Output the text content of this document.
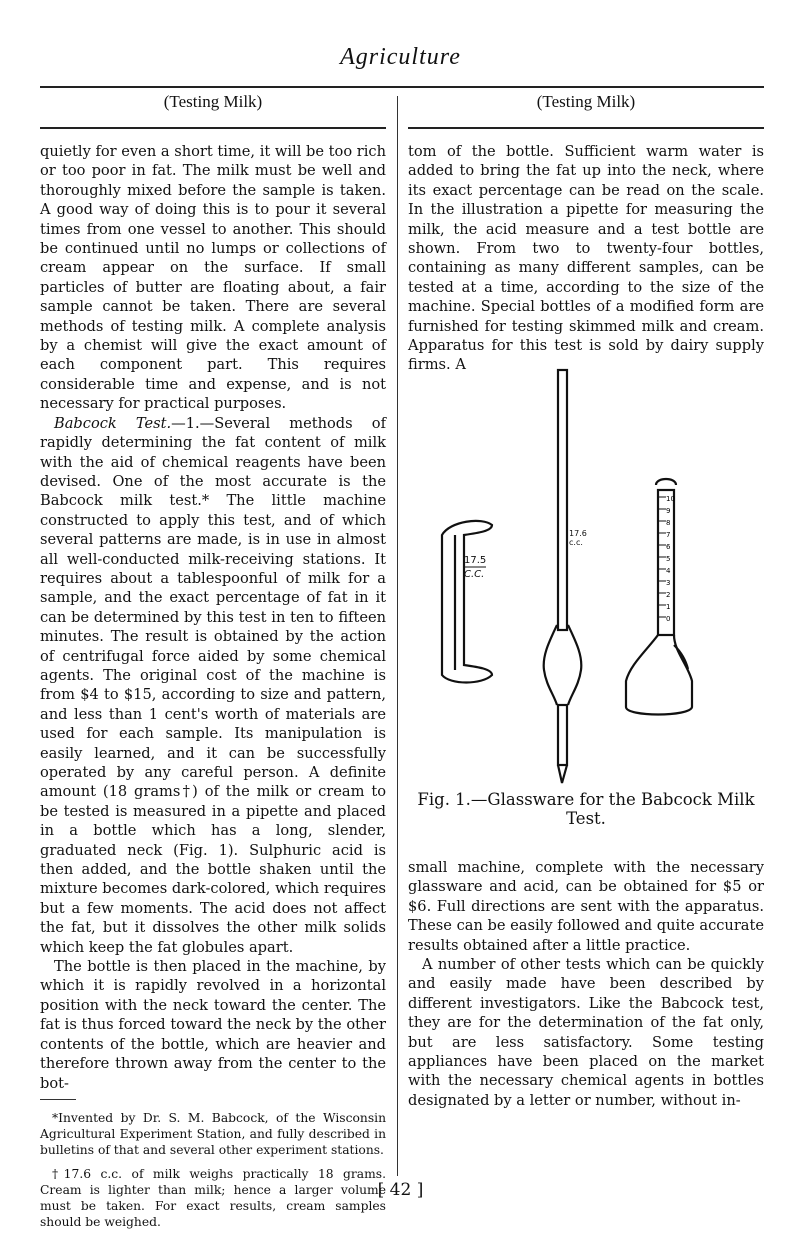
Agriculture
(Testing Milk)	(Testing Milk)

quietly for even a short time, it will be too rich or too poor in fat. The milk must be well and thoroughly mixed before the sample is taken. A good way of doing this is to pour it several times from one vessel to another. This should be continued until no lumps or collections of cream appear on the surface. If small particles of butter are floating about, a fair sample cannot be taken. There are several methods of testing milk. A complete analysis by a chemist will give the exact amount of each component part. This requires considerable time and expense, and is not necessary for practical purposes.

Babcock Test.—1.—Several methods of rapidly determining the fat content of milk with the aid of chemical reagents have been devised. One of the most accurate is the Babcock milk test.* The little machine constructed to apply this test, and of which several patterns are made, is in use in almost all well-conducted milk-receiving stations. It requires about a tablespoonful of milk for a sample, and the exact percentage of fat in it can be determined by this test in ten to fifteen minutes. The result is obtained by the action of centrifugal force aided by some chemical agents. The original cost of the machine is from $4 to $15, according to size and pattern, and less than 1 cent's worth of materials are used for each sample. Its manipulation is easily learned, and it can be successfully operated by any careful person. A definite amount (18 grams†) of the milk or cream to be tested is measured in a pipette and placed in a bottle which has a long, slender, graduated neck (Fig. 1). Sulphuric acid is then added, and the bottle shaken until the mixture becomes dark-colored, which requires but a few moments. The acid does not affect the fat, but it dissolves the other milk solids which keep the fat globules apart.

The bottle is then placed in the machine, by which it is rapidly revolved in a horizontal position with the neck toward the center. The fat is thus forced toward the neck by the other contents of the bottle, which are heavier and therefore thrown away from the center to the bot-

*Invented by Dr. S. M. Babcock, of the Wisconsin Agricultural Experiment Station, and fully described in bulletins of that and several other experiment stations.

†17.6 c.c. of milk weighs practically 18 grams. Cream is lighter than milk; hence a larger volume must be taken. For exact results, cream samples should be weighed.

tom of the bottle. Sufficient warm water is added to bring the fat up into the neck, where its exact percentage can be read on the scale. In the illustration a pipette for measuring the milk, the acid measure and a test bottle are shown. From two to twenty-four bottles, containing as many different samples, can be tested at a time, according to the size of the machine. Special bottles of a modified form are furnished for testing skimmed milk and cream. Apparatus for this test is sold by dairy supply firms. A

17.5
C.C.
17.6
c.c.
10
9
8
7
6
5
4
3
2
1
0
Fig. 1.—Glassware for the Babcock Milk Test.

small machine, complete with the necessary glassware and acid, can be obtained for $5 or $6. Full directions are sent with the apparatus. These can be easily followed and quite accurate results obtained after a little practice.

A number of other tests which can be quickly and easily made have been described by different investigators. Like the Babcock test, they are for the determination of the fat only, but are less satisfactory. Some testing appliances have been placed on the market with the necessary chemical agents in bottles designated by a letter or number, without in-

[ 42 ]
